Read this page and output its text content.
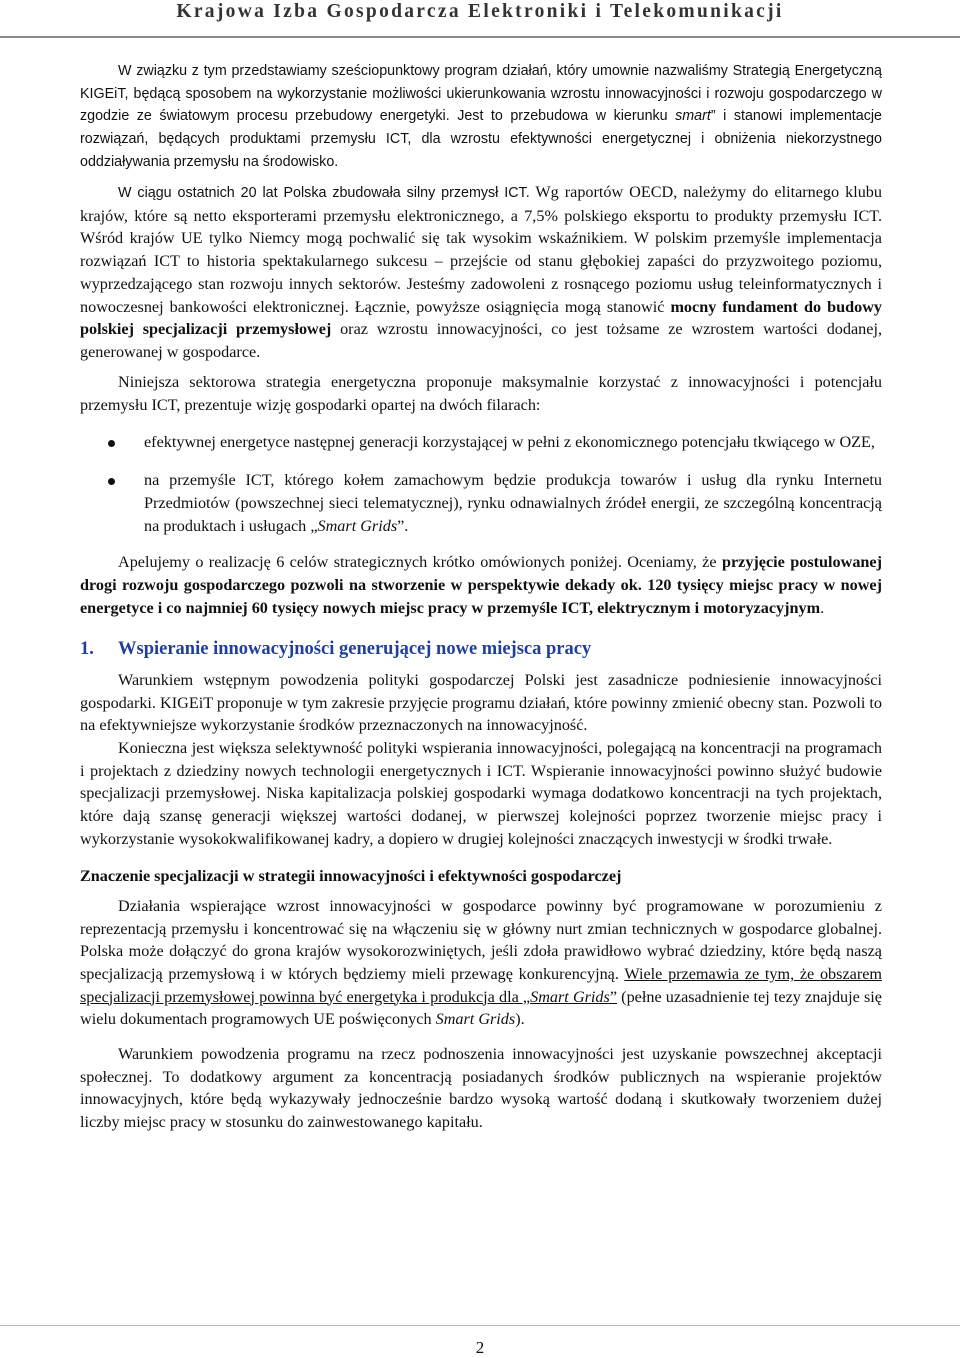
Krajowa Izba Gospodarcza Elektroniki i Telekomunikacji

W związku z tym przedstawiamy sześciopunktowy program działań, który umownie nazwaliśmy Strategią Energetyczną KIGEiT, będącą sposobem na wykorzystanie możliwości ukierunkowania wzrostu innowacyjności i rozwoju gospodarczego w zgodzie ze światowym procesu przebudowy energetyki. Jest to przebudowa w kierunku smart” i stanowi implementacje rozwiązań, będących produktami przemysłu ICT, dla wzrostu efektywności energetycznej i obniżenia niekorzystnego oddziaływania przemysłu na środowisko.

W ciągu ostatnich 20 lat Polska zbudowała silny przemysł ICT. Wg raportów OECD, należymy do elitarnego klubu krajów, które są netto eksporterami przemysłu elektronicznego, a 7,5% polskiego eksportu to produkty przemysłu ICT. Wśród krajów UE tylko Niemcy mogą pochwalić się tak wysokim wskaźnikiem. W polskim przemyśle implementacja rozwiązań ICT to historia spektakularnego sukcesu – przejście od stanu głębokiej zapaści do przyzwoitego poziomu, wyprzedzającego stan rozwoju innych sektorów. Jesteśmy zadowoleni z rosnącego poziomu usług teleinformatycznych i nowoczesnej bankowości elektronicznej. Łącznie, powyższe osiągnięcia mogą stanowić mocny fundament do budowy polskiej specjalizacji przemysłowej oraz wzrostu innowacyjności, co jest tożsame ze wzrostem wartości dodanej, generowanej w gospodarce.

Niniejsza sektorowa strategia energetyczna proponuje maksymalnie korzystać z innowacyjności i potencjału przemysłu ICT, prezentuje wizję gospodarki opartej na dwóch filarach:

efektywnej energetyce następnej generacji korzystającej w pełni z ekonomicznego potencjału tkwiącego w OZE,
na przemyśle ICT, którego kołem zamachowym będzie produkcja towarów i usług dla rynku Internetu Przedmiotów (powszechnej sieci telematycznej), rynku odnawialnych źródeł energii, ze szczególną koncentracją na produktach i usługach „Smart Grids”.

Apelujemy o realizację 6 celów strategicznych krótko omówionych poniżej. Oceniamy, że przyjęcie postulowanej drogi rozwoju gospodarczego pozwoli na stworzenie w perspektywie dekady ok. 120 tysięcy miejsc pracy w nowej energetyce i co najmniej 60 tysięcy nowych miejsc pracy w przemyśle ICT, elektrycznym i motoryzacyjnym.

1. Wspieranie innowacyjności generującej nowe miejsca pracy

Warunkiem wstępnym powodzenia polityki gospodarczej Polski jest zasadnicze podniesienie innowacyjności gospodarki. KIGEiT proponuje w tym zakresie przyjęcie programu działań, które powinny zmienić obecny stan. Pozwoli to na efektywniejsze wykorzystanie środków przeznaczonych na innowacyjność.

Konieczna jest większa selektywność polityki wspierania innowacyjności, polegającą na koncentracji na programach i projektach z dziedziny nowych technologii energetycznych i ICT. Wspieranie innowacyjności powinno służyć budowie specjalizacji przemysłowej. Niska kapitalizacja polskiej gospodarki wymaga dodatkowo koncentracji na tych projektach, które dają szansę generacji większej wartości dodanej, w pierwszej kolejności poprzez tworzenie miejsc pracy i wykorzystanie wysokokwalifikowanej kadry, a dopiero w drugiej kolejności znaczących inwestycji w środki trwałe.

Znaczenie specjalizacji w strategii innowacyjności i efektywności gospodarczej

Działania wspierające wzrost innowacyjności w gospodarce powinny być programowane w porozumieniu z reprezentacją przemysłu i koncentrować się na włączeniu się w główny nurt zmian technicznych w gospodarce globalnej. Polska może dołączyć do grona krajów wysokorozwiniętych, jeśli zdoła prawidłowo wybrać dziedziny, które będą naszą specjalizacją przemysłową i w których będziemy mieli przewagę konkurencyjną. Wiele przemawia ze tym, że obszarem specjalizacji przemysłowej powinna być energetyka i produkcja dla „Smart Grids” (pełne uzasadnienie tej tezy znajduje się wielu dokumentach programowych UE poświęconych Smart Grids).

Warunkiem powodzenia programu na rzecz podnoszenia innowacyjności jest uzyskanie powszechnej akceptacji społecznej. To dodatkowy argument za koncentracją posiadanych środków publicznych na wspieranie projektów innowacyjnych, które będą wykazywały jednocześnie bardzo wysoką wartość dodaną i skutkowały tworzeniem dużej liczby miejsc pracy w stosunku do zainwestowanego kapitału.

2
